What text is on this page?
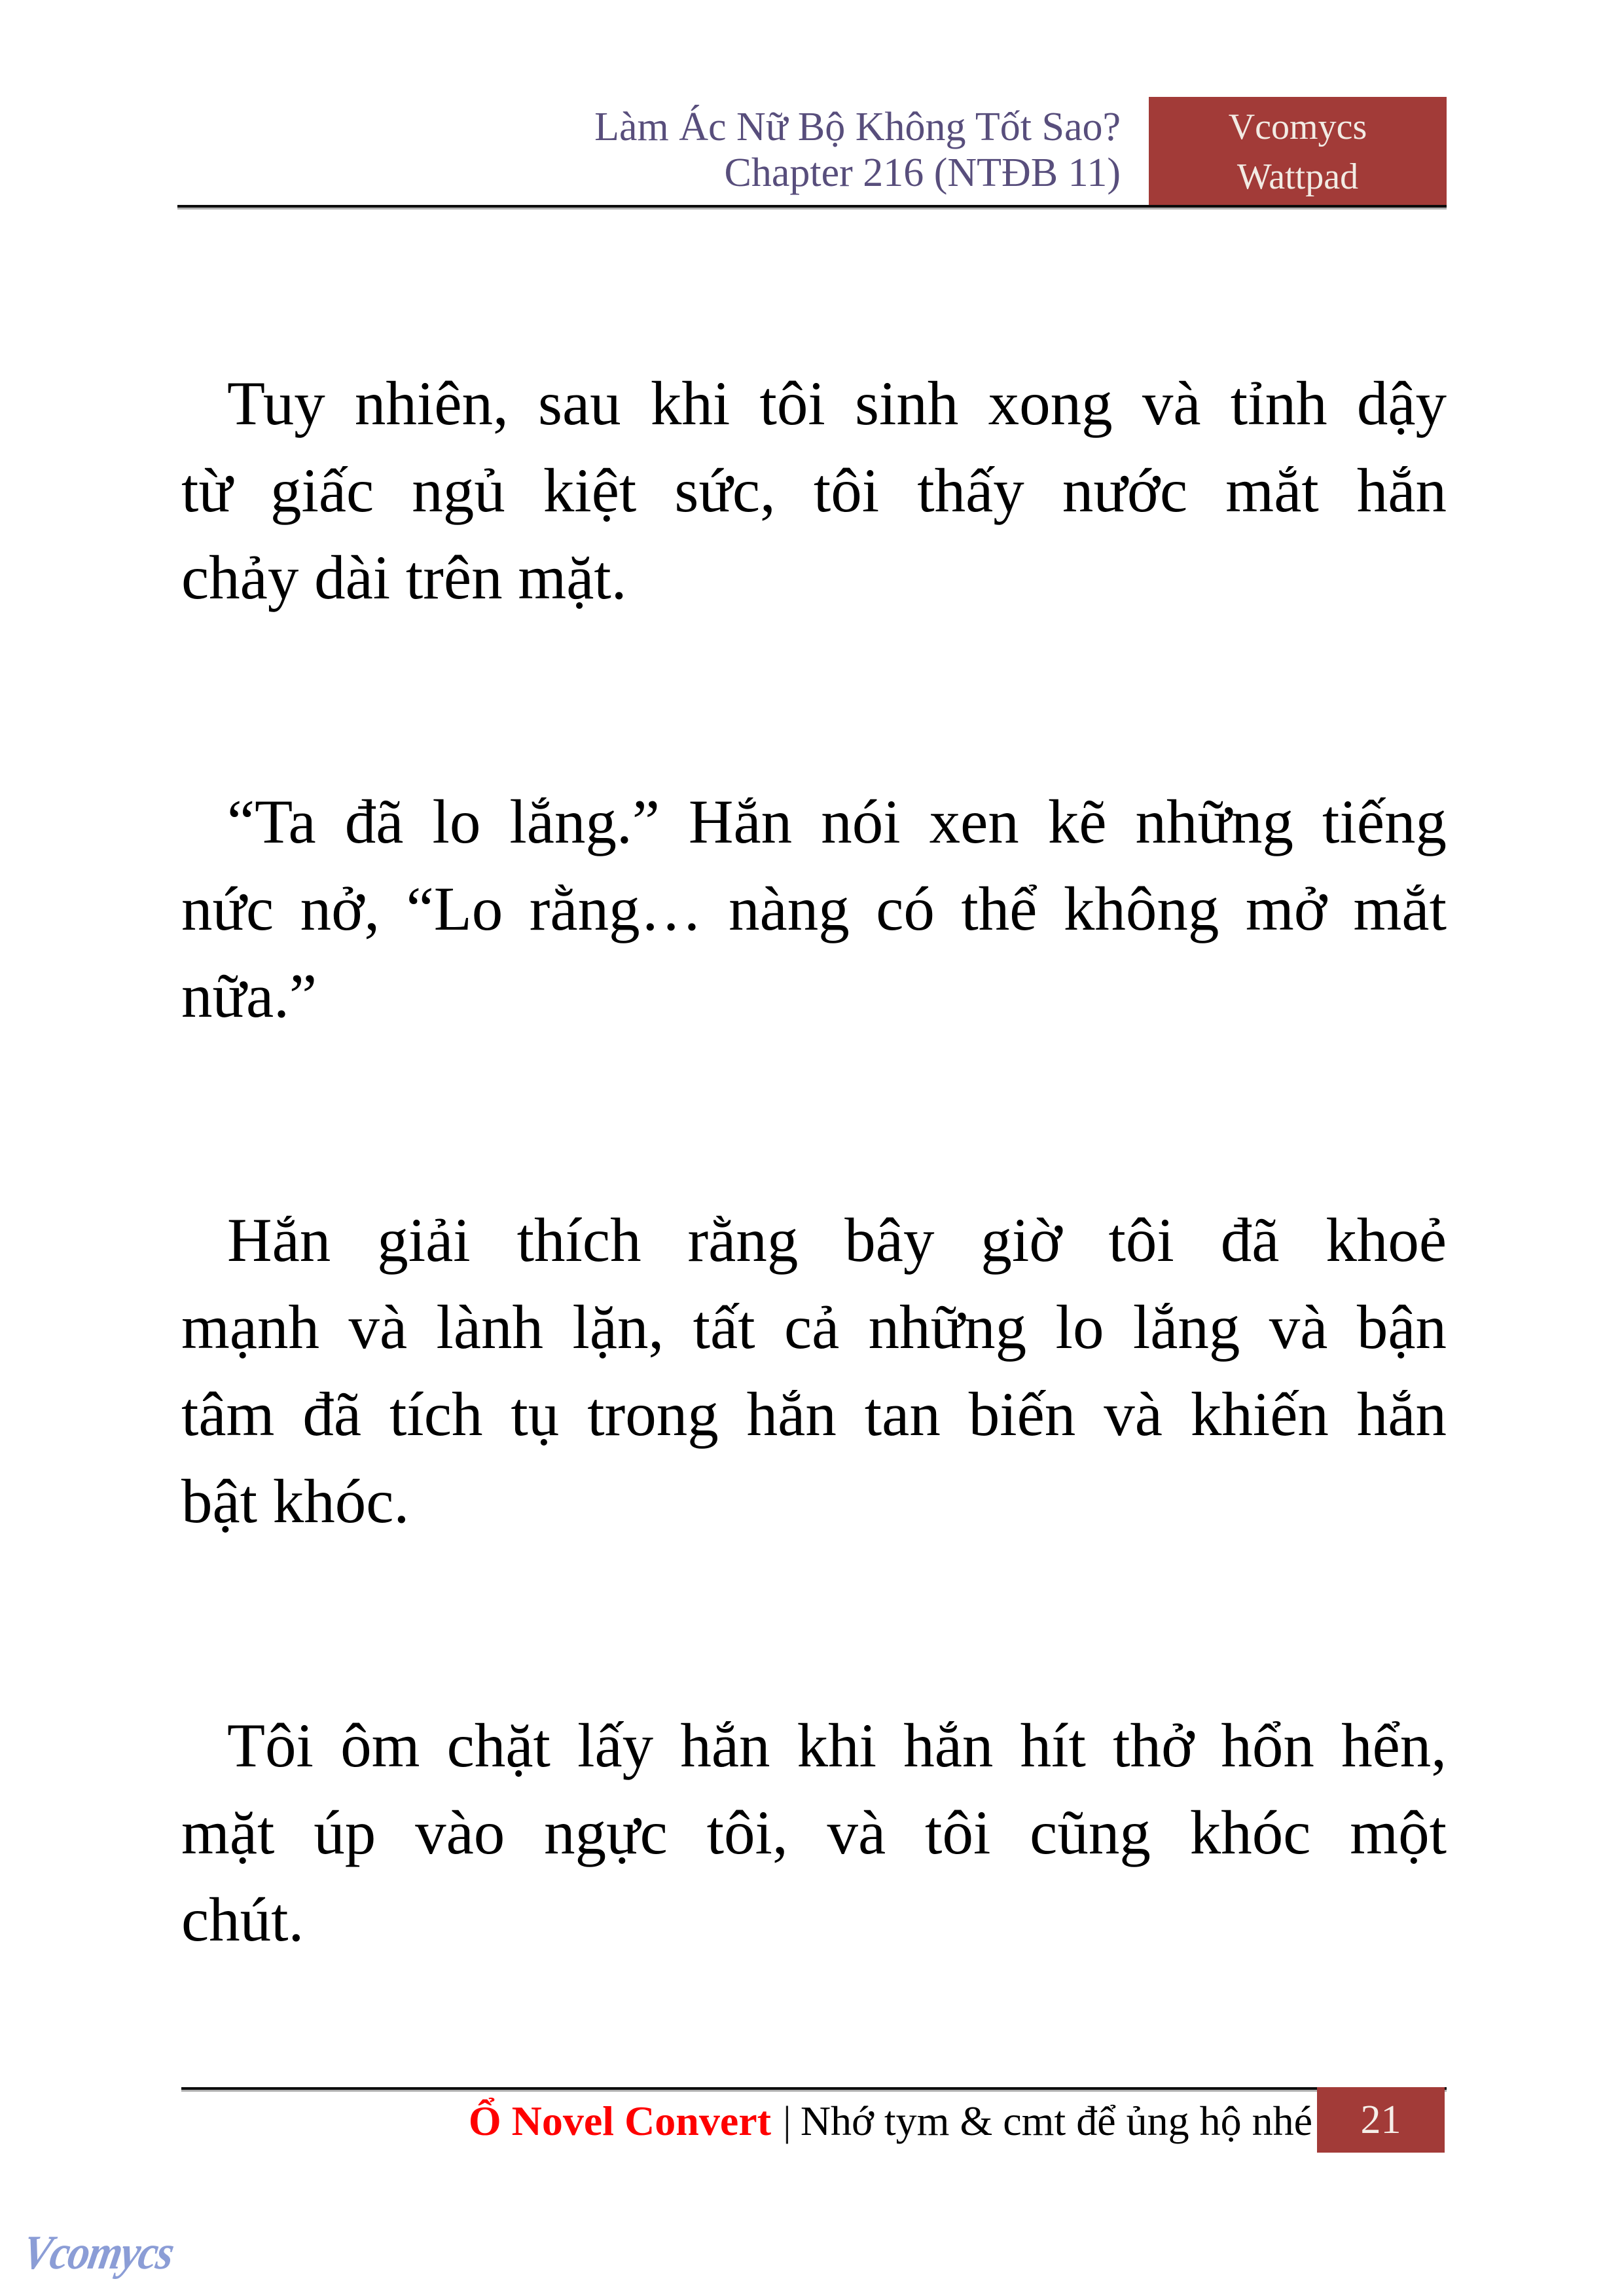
Làm Ác Nữ Bộ Không Tốt Sao?
Chapter 216 (NTĐB 11)
Vcomycs
Wattpad
Tuy nhiên, sau khi tôi sinh xong và tỉnh dậy
từ giấc ngủ kiệt sức, tôi thấy nước mắt hắn
chảy dài trên mặt.
“Ta đã lo lắng.” Hắn nói xen kẽ những tiếng
nức nở, “Lo rằng… nàng có thể không mở mắt
nữa.”
Hắn giải thích rằng bây giờ tôi đã khoẻ
mạnh và lành lặn, tất cả những lo lắng và bận
tâm đã tích tụ trong hắn tan biến và khiến hắn
bật khóc.
Tôi ôm chặt lấy hắn khi hắn hít thở hổn hển,
mặt úp vào ngực tôi, và tôi cũng khóc một
chút.
Ổ Novel Convert | Nhớ tym & cmt để ủng hộ nhé	21
Vcomycs
